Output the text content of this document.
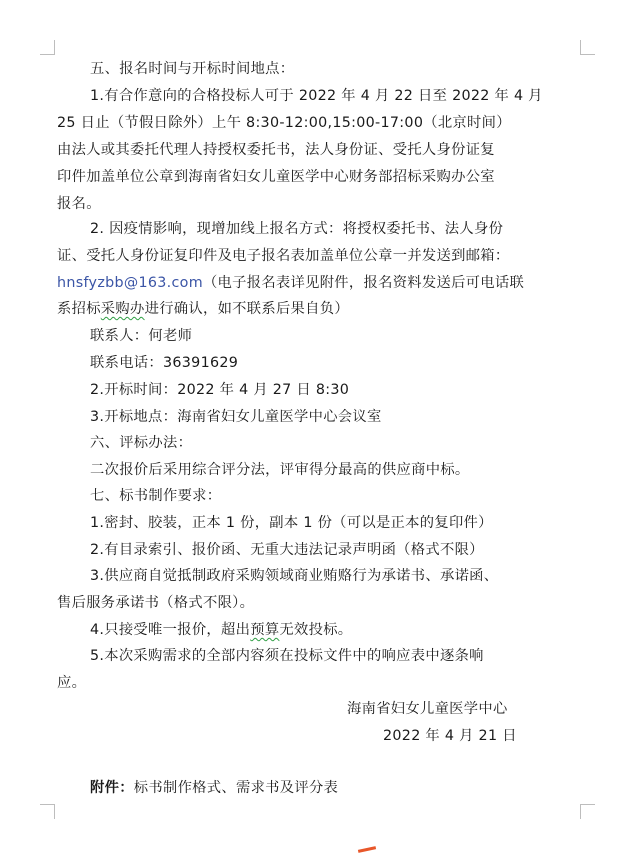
五、报名时间与开标时间地点：
1.有合作意向的合格投标人可于 2022 年 4 月 22 日至 2022 年 4 月
25 日止（节假日除外）上午 8:30-12:00,15:00-17:00（北京时间）
由法人或其委托代理人持授权委托书，法人身份证、受托人身份证复
印件加盖单位公章到海南省妇女儿童医学中心财务部招标采购办公室
报名。
2. 因疫情影响，现增加线上报名方式：将授权委托书、法人身份
证、受托人身份证复印件及电子报名表加盖单位公章一并发送到邮箱：
hnsfyzbb@163.com（电子报名表详见附件，报名资料发送后可电话联
系招标采购办进行确认，如不联系后果自负）
联系人：何老师
联系电话：36391629
2.开标时间：2022 年 4 月 27 日 8:30
3.开标地点：海南省妇女儿童医学中心会议室
六、评标办法：
二次报价后采用综合评分法，评审得分最高的供应商中标。
七、标书制作要求：
1.密封、胶装，正本 1 份，副本 1 份（可以是正本的复印件）
2.有目录索引、报价函、无重大违法记录声明函（格式不限）
3.供应商自觉抵制政府采购领域商业贿赂行为承诺书、承诺函、
售后服务承诺书（格式不限）。
4.只接受唯一报价，超出预算无效投标。
5.本次采购需求的全部内容须在投标文件中的响应表中逐条响
应。
海南省妇女儿童医学中心
2022 年 4 月 21 日
附件：标书制作格式、需求书及评分表
